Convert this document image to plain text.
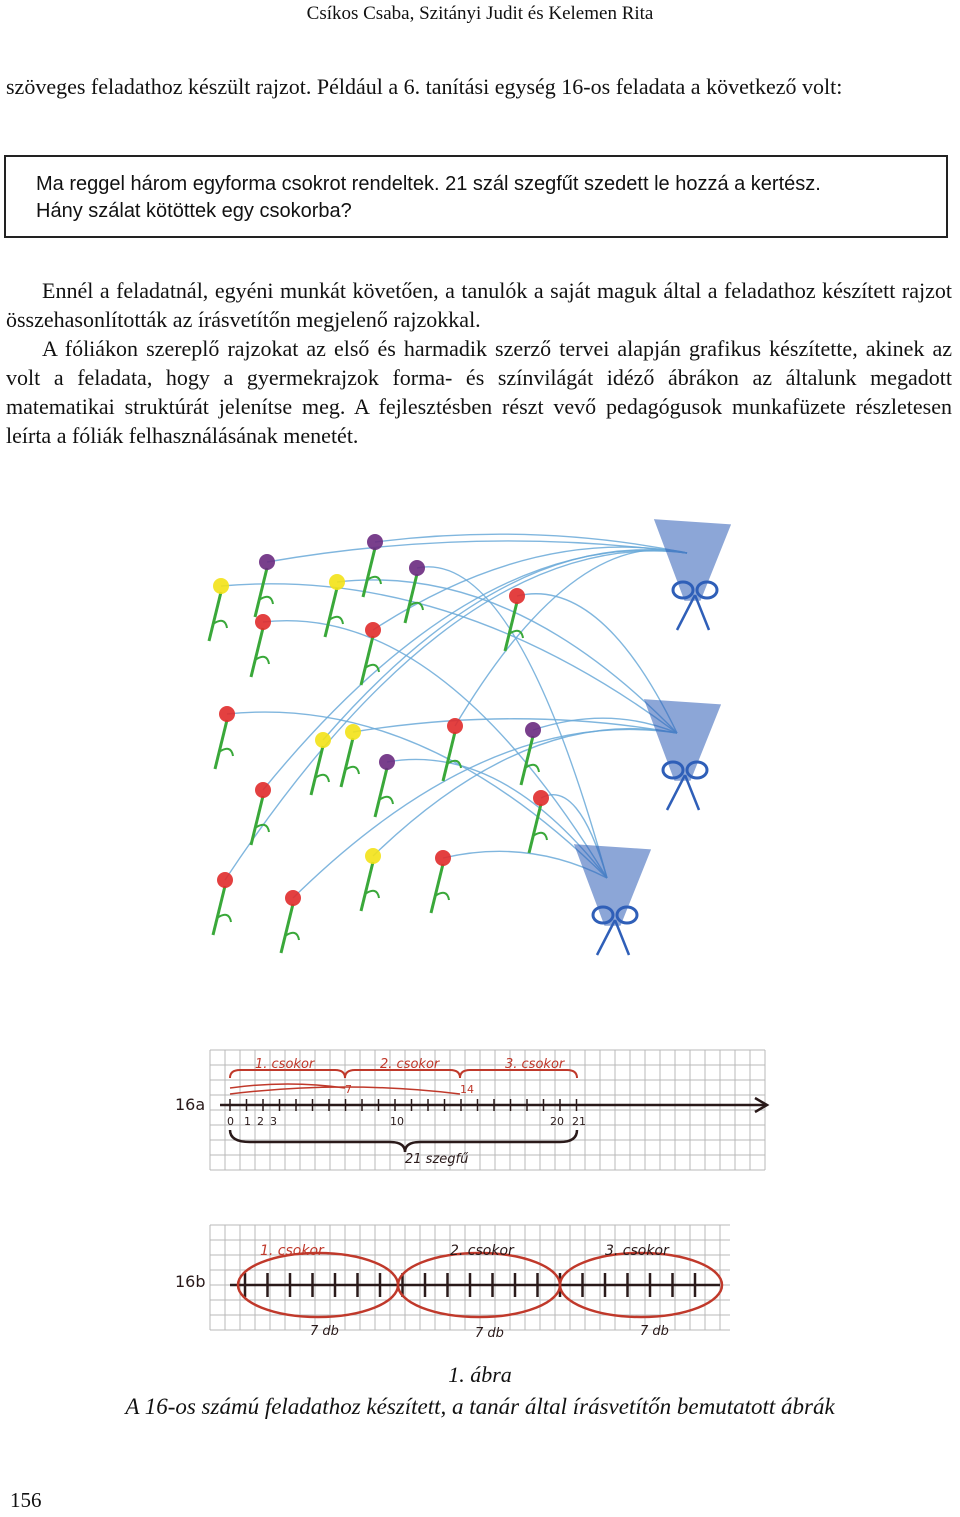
Csíkos Csaba, Szitányi Judit és Kelemen Rita

szöveges feladathoz készült rajzot. Például a 6. tanítási egység 16-os feladata a következő volt:

Ma reggel három egyforma csokrot rendeltek. 21 szál szegfűt szedett le hozzá a kertész.
Hány szálat kötöttek egy csokorba?

Ennél a feladatnál, egyéni munkát követően, a tanulók a saját maguk által a feladathoz készített rajzot összehasonlították az írásvetítőn megjelenő rajzokkal.

A fóliákon szereplő rajzokat az első és harmadik szerző tervei alapján grafikus készítette, akinek az volt a feladata, hogy a gyermekrajzok forma- és színvilágát idéző ábrákon az általunk megadott matematikai struktúrát jelenítse meg. A fejlesztésben részt vevő pedagógusok munkafüzete részletesen leírta a fóliák felhasználásának menetét.

16a
1. csokor	2. csokor	3. csokor
7	14
0 1 2 3	10	20 21
21 szegfű
16b
1. csokor	2. csokor	3. csokor
7 db	7 db	7 db
1. ábra
A 16-os számú feladathoz készített, a tanár által írásvetítőn bemutatott ábrák
156
